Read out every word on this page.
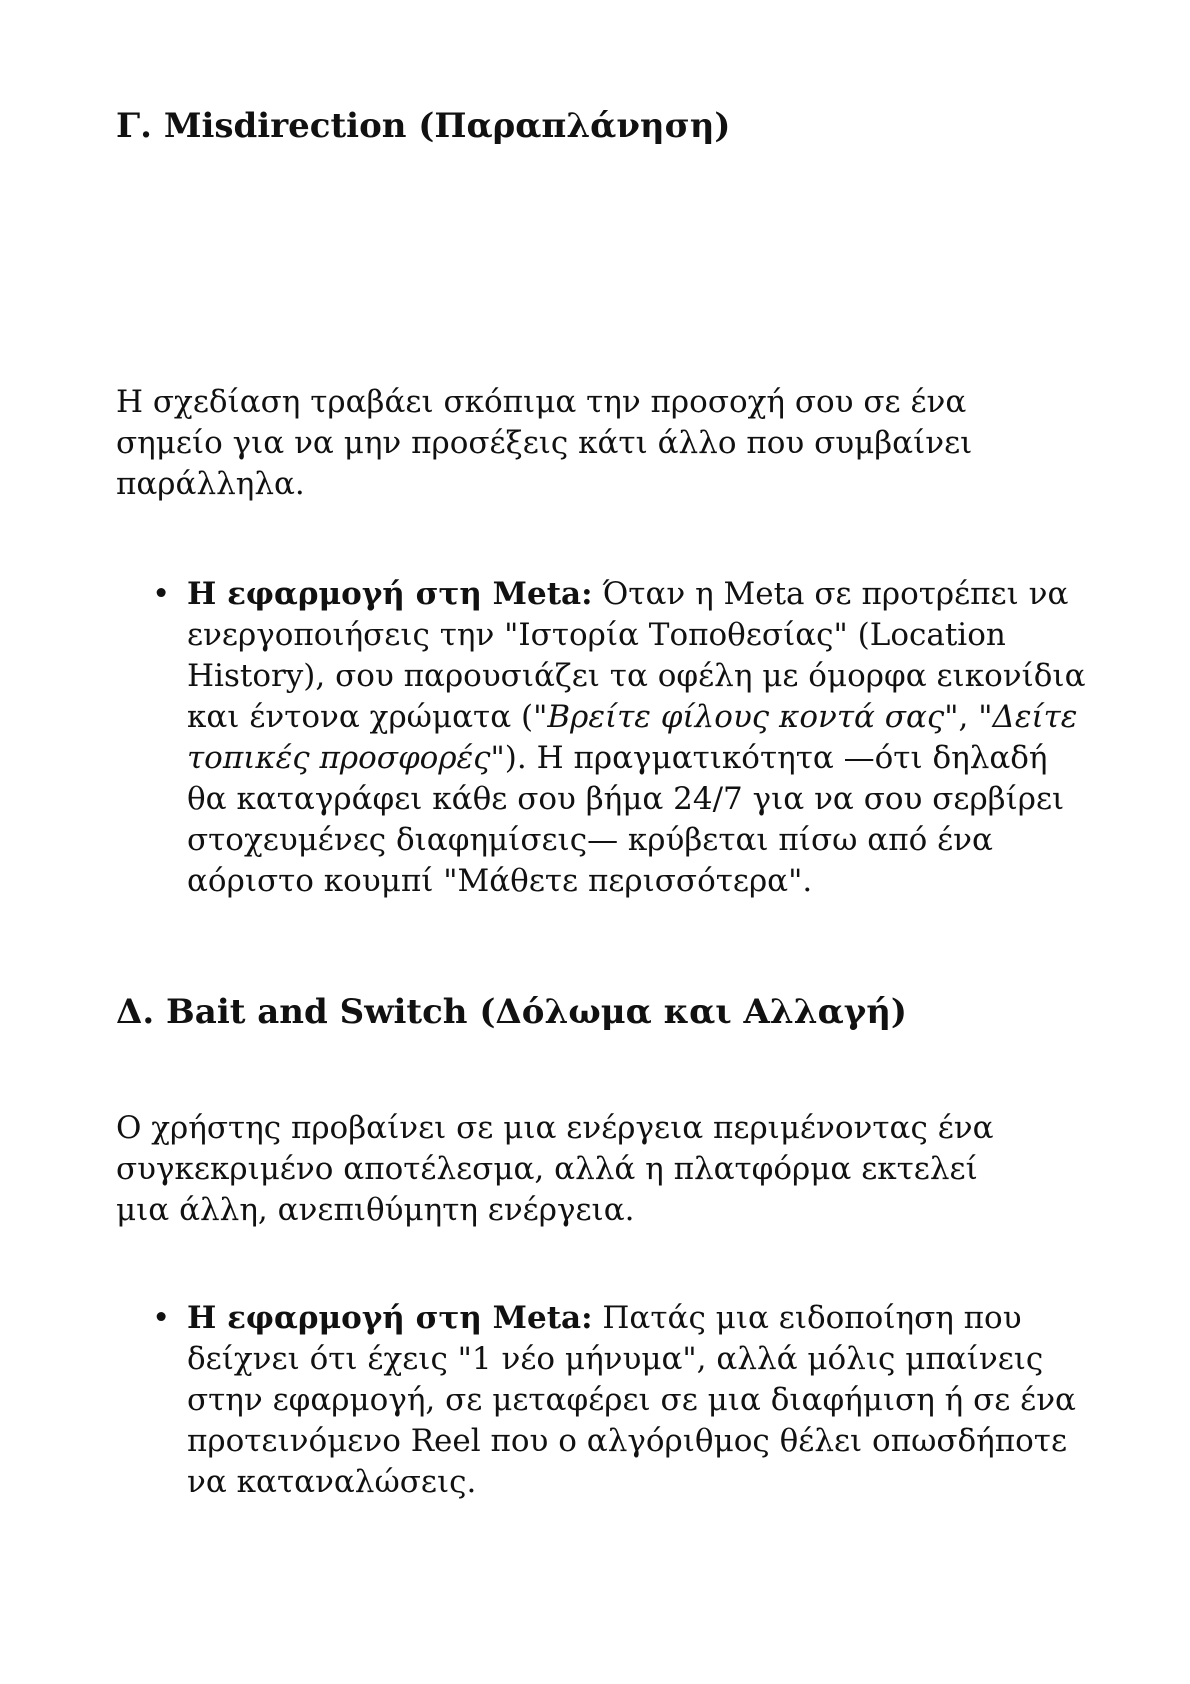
Γ. Misdirection (Παραπλάνηση)

Η σχεδίαση τραβάει σκόπιμα την προσοχή σου σε ένα σημείο για να μην προσέξεις κάτι άλλο που συμβαίνει παράλληλα.

• Η εφαρμογή στη Meta: Όταν η Meta σε προτρέπει να ενεργοποιήσεις την "Ιστορία Τοποθεσίας" (Location History), σου παρουσιάζει τα οφέλη με όμορφα εικονίδια και έντονα χρώματα ("Βρείτε φίλους κοντά σας", "Δείτε τοπικές προσφορές"). Η πραγματικότητα —ότι δηλαδή θα καταγράφει κάθε σου βήμα 24/7 για να σου σερβίρει στοχευμένες διαφημίσεις— κρύβεται πίσω από ένα αόριστο κουμπί "Μάθετε περισσότερα".
Δ. Bait and Switch (Δόλωμα και Αλλαγή)

Ο χρήστης προβαίνει σε μια ενέργεια περιμένοντας ένα συγκεκριμένο αποτέλεσμα, αλλά η πλατφόρμα εκτελεί μια άλλη, ανεπιθύμητη ενέργεια.

• Η εφαρμογή στη Meta: Πατάς μια ειδοποίηση που δείχνει ότι έχεις "1 νέο μήνυμα", αλλά μόλις μπαίνεις στην εφαρμογή, σε μεταφέρει σε μια διαφήμιση ή σε ένα προτεινόμενο Reel που ο αλγόριθμος θέλει οπωσδήποτε να καταναλώσεις.
